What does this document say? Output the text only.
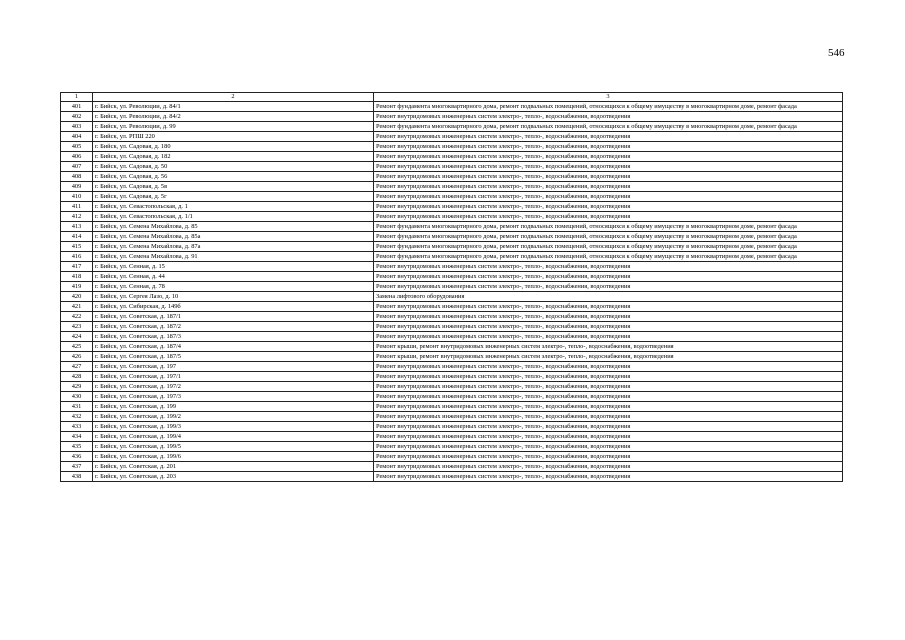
546
1	2	3
401	г. Бийск, ул. Революции, д. 84/1	Ремонт фундамента многоквартирного дома, ремонт подвальных помещений, относящихся к общему имуществу в многоквартирном доме, ремонт фасада
402	г. Бийск, ул. Революции, д. 84/2	Ремонт внутридомовых инженерных систем электро-, тепло-, водоснабжения, водоотведения
403	г. Бийск, ул. Революции, д. 99	Ремонт фундамента многоквартирного дома, ремонт подвальных помещений, относящихся к общему имуществу в многоквартирном доме, ремонт фасада
404	г. Бийск, ул. РПШ 220	Ремонт внутридомовых инженерных систем электро-, тепло-, водоснабжения, водоотведения
405	г. Бийск, ул. Садовая, д. 180	Ремонт внутридомовых инженерных систем электро-, тепло-, водоснабжения, водоотведения
406	г. Бийск, ул. Садовая, д. 182	Ремонт внутридомовых инженерных систем электро-, тепло-, водоснабжения, водоотведения
407	г. Бийск, ул. Садовая, д. 50	Ремонт внутридомовых инженерных систем электро-, тепло-, водоснабжения, водоотведения
408	г. Бийск, ул. Садовая, д. 56	Ремонт внутридомовых инженерных систем электро-, тепло-, водоснабжения, водоотведения
409	г. Бийск, ул. Садовая, д. 5в	Ремонт внутридомовых инженерных систем электро-, тепло-, водоснабжения, водоотведения
410	г. Бийск, ул. Садовая, д. 5г	Ремонт внутридомовых инженерных систем электро-, тепло-, водоснабжения, водоотведения
411	г. Бийск, ул. Севастопольская, д. 1	Ремонт внутридомовых инженерных систем электро-, тепло-, водоснабжения, водоотведения
412	г. Бийск, ул. Севастопольская, д. 1/1	Ремонт внутридомовых инженерных систем электро-, тепло-, водоснабжения, водоотведения
413	г. Бийск, ул. Семена Михайлова, д. 85	Ремонт фундамента многоквартирного дома, ремонт подвальных помещений, относящихся к общему имуществу в многоквартирном доме, ремонт фасада
414	г. Бийск, ул. Семена Михайлова, д. 85а	Ремонт фундамента многоквартирного дома, ремонт подвальных помещений, относящихся к общему имуществу в многоквартирном доме, ремонт фасада
415	г. Бийск, ул. Семена Михайлова, д. 87а	Ремонт фундамента многоквартирного дома, ремонт подвальных помещений, относящихся к общему имуществу в многоквартирном доме, ремонт фасада
416	г. Бийск, ул. Семена Михайлова, д. 91	Ремонт фундамента многоквартирного дома, ремонт подвальных помещений, относящихся к общему имуществу в многоквартирном доме, ремонт фасада
417	г. Бийск, ул. Сенная, д. 15	Ремонт внутридомовых инженерных систем электро-, тепло-, водоснабжения, водоотведения
418	г. Бийск, ул. Сенная, д. 44	Ремонт внутридомовых инженерных систем электро-, тепло-, водоснабжения, водоотведения
419	г. Бийск, ул. Сенная, д. 78	Ремонт внутридомовых инженерных систем электро-, тепло-, водоснабжения, водоотведения
420	г. Бийск, ул. Сергея Лазо, д. 10	Замена лифтового оборудования
421	г. Бийск, ул. Сибирская, д. 149б	Ремонт внутридомовых инженерных систем электро-, тепло-, водоснабжения, водоотведения
422	г. Бийск, ул. Советская, д. 187/1	Ремонт внутридомовых инженерных систем электро-, тепло-, водоснабжения, водоотведения
423	г. Бийск, ул. Советская, д. 187/2	Ремонт внутридомовых инженерных систем электро-, тепло-, водоснабжения, водоотведения
424	г. Бийск, ул. Советская, д. 187/3	Ремонт внутридомовых инженерных систем электро-, тепло-, водоснабжения, водоотведения
425	г. Бийск, ул. Советская, д. 187/4	Ремонт крыши, ремонт внутридомовых инженерных систем электро-, тепло-, водоснабжения, водоотведения
426	г. Бийск, ул. Советская, д. 187/5	Ремонт крыши, ремонт внутридомовых инженерных систем электро-, тепло-, водоснабжения, водоотведения
427	г. Бийск, ул. Советская, д. 197	Ремонт внутридомовых инженерных систем электро-, тепло-, водоснабжения, водоотведения
428	г. Бийск, ул. Советская, д. 197/1	Ремонт внутридомовых инженерных систем электро-, тепло-, водоснабжения, водоотведения
429	г. Бийск, ул. Советская, д. 197/2	Ремонт внутридомовых инженерных систем электро-, тепло-, водоснабжения, водоотведения
430	г. Бийск, ул. Советская, д. 197/3	Ремонт внутридомовых инженерных систем электро-, тепло-, водоснабжения, водоотведения
431	г. Бийск, ул. Советская, д. 199	Ремонт внутридомовых инженерных систем электро-, тепло-, водоснабжения, водоотведения
432	г. Бийск, ул. Советская, д. 199/2	Ремонт внутридомовых инженерных систем электро-, тепло-, водоснабжения, водоотведения
433	г. Бийск, ул. Советская, д. 199/3	Ремонт внутридомовых инженерных систем электро-, тепло-, водоснабжения, водоотведения
434	г. Бийск, ул. Советская, д. 199/4	Ремонт внутридомовых инженерных систем электро-, тепло-, водоснабжения, водоотведения
435	г. Бийск, ул. Советская, д. 199/5	Ремонт внутридомовых инженерных систем электро-, тепло-, водоснабжения, водоотведения
436	г. Бийск, ул. Советская, д. 199/6	Ремонт внутридомовых инженерных систем электро-, тепло-, водоснабжения, водоотведения
437	г. Бийск, ул. Советская, д. 201	Ремонт внутридомовых инженерных систем электро-, тепло-, водоснабжения, водоотведения
438	г. Бийск, ул. Советская, д. 203	Ремонт внутридомовых инженерных систем электро-, тепло-, водоснабжения, водоотведения
